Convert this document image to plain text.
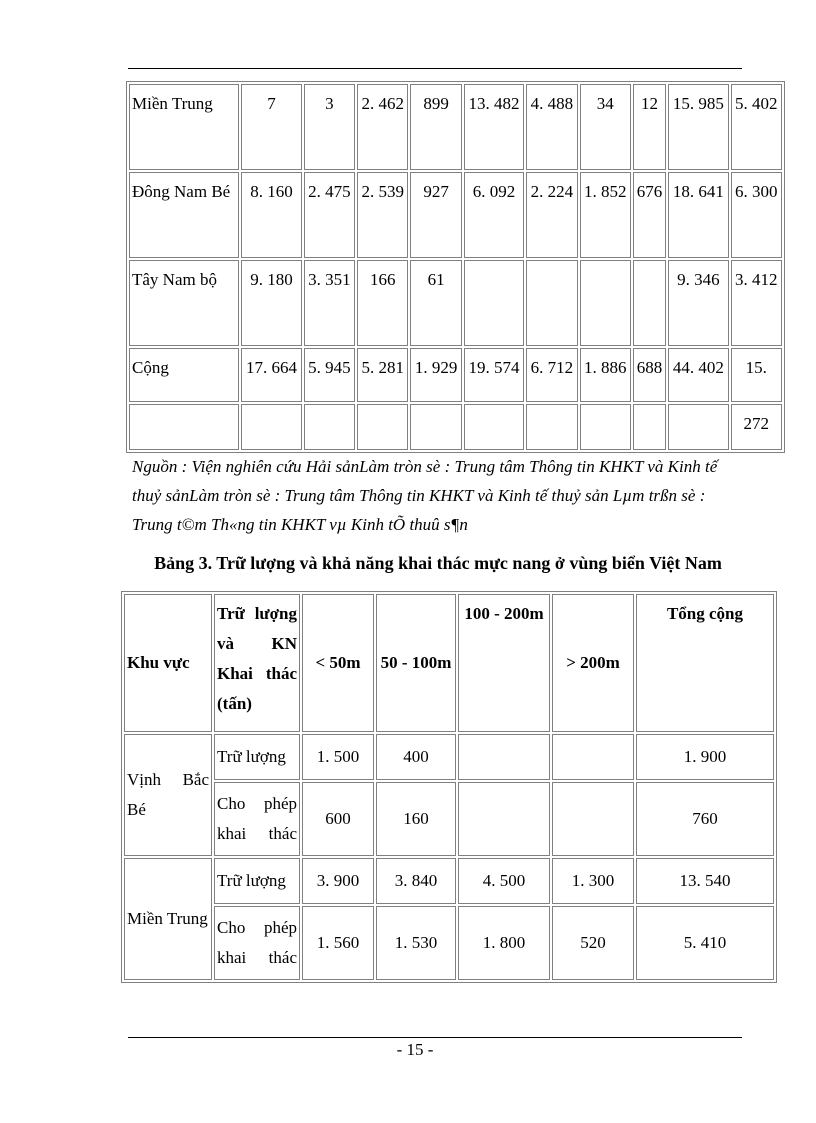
Miền Trung	7	3	2. 462	899	13. 482	4. 488	34	12	15. 985	5. 402
Đông Nam Bé	8. 160	2. 475	2. 539	927	6. 092	2. 224	1. 852	676	18. 641	6. 300
Tây Nam bộ	9. 180	3. 351	166	61					9. 346	3. 412
Cộng	17. 664	5. 945	5. 281	1. 929	19. 574	6. 712	1. 886	688	44. 402	15.
										272
Nguồn : Viện nghiên cứu Hải sảnLàm tròn sè : Trung tâm Thông tin KHKT và Kinh tế thuỷ sảnLàm tròn sè : Trung tâm Thông tin KHKT và Kinh tế thuỷ sản Lµm trßn sè : Trung t©m Th«ng tin KHKT vµ Kinh tÕ thuû s¶n
Bảng 3. Trữ lượng và khả năng khai thác mực nang ở vùng biển Việt Nam
Khu vực	Trữ lượng và KN Khai thác (tấn)	< 50m	50 - 100m	100 - 200m	> 200m	Tổng cộng
Vịnh Bắc Bé	Trữ lượng	1. 500	400			1. 900
	Cho phép khai thác	600	160			760
Miền Trung	Trữ lượng	3. 900	3. 840	4. 500	1. 300	13. 540
	Cho phép khai thác	1. 560	1. 530	1. 800	520	5. 410
- 15 -
